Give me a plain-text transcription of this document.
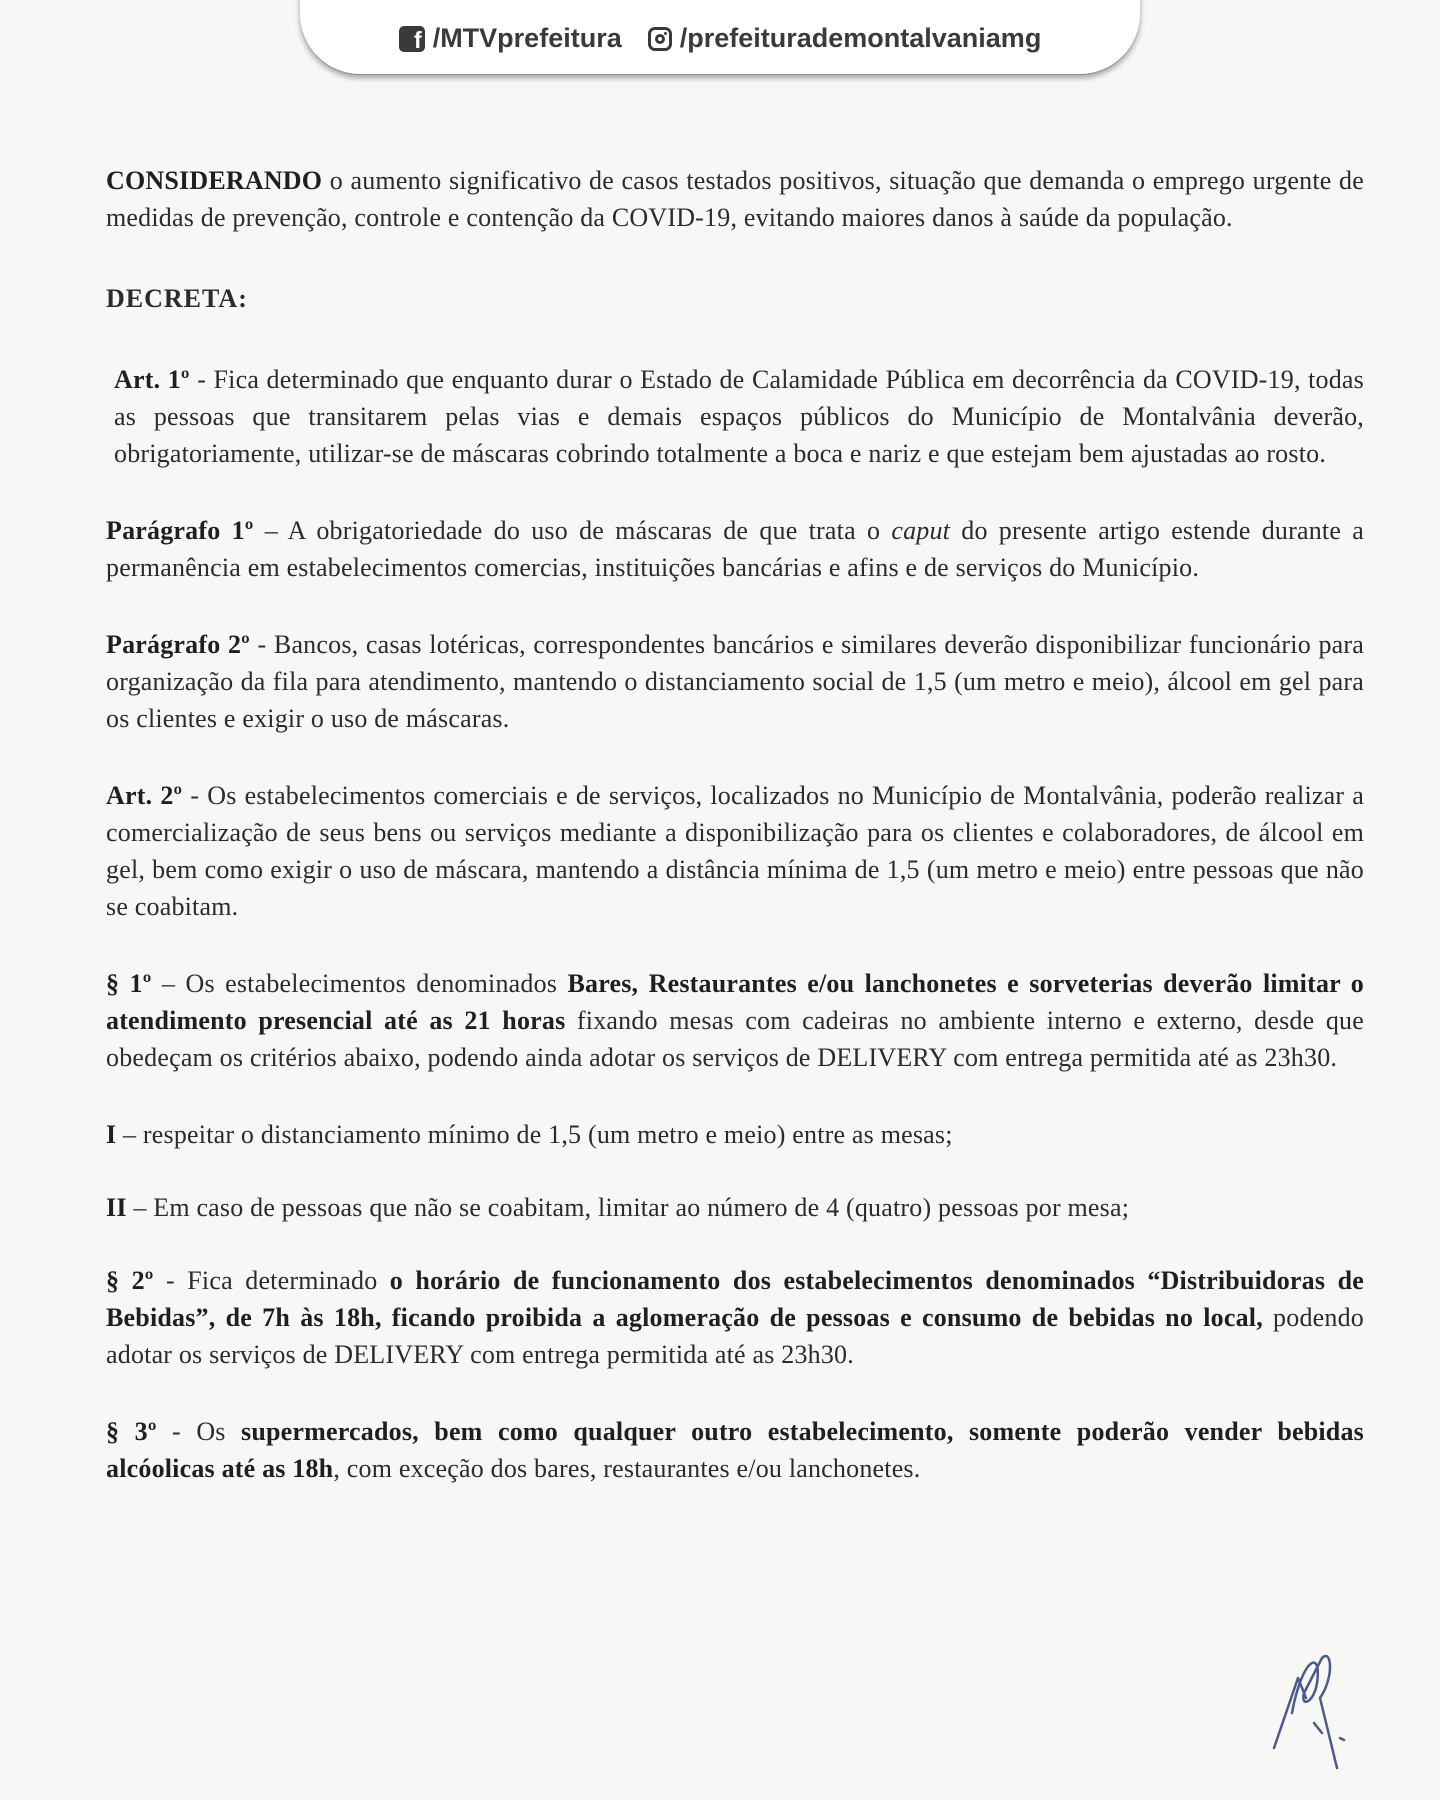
f /MTVprefeitura /prefeiturademontalvaniamg

CONSIDERANDO o aumento significativo de casos testados positivos, situação que demanda o emprego urgente de medidas de prevenção, controle e contenção da COVID-19, evitando maiores danos à saúde da população.

DECRETA:

Art. 1º - Fica determinado que enquanto durar o Estado de Calamidade Pública em decorrência da COVID-19, todas as pessoas que transitarem pelas vias e demais espaços públicos do Município de Montalvânia deverão, obrigatoriamente, utilizar-se de máscaras cobrindo totalmente a boca e nariz e que estejam bem ajustadas ao rosto.

Parágrafo 1º – A obrigatoriedade do uso de máscaras de que trata o caput do presente artigo estende durante a permanência em estabelecimentos comercias, instituições bancárias e afins e de serviços do Município.

Parágrafo 2º - Bancos, casas lotéricas, correspondentes bancários e similares deverão disponibilizar funcionário para organização da fila para atendimento, mantendo o distanciamento social de 1,5 (um metro e meio), álcool em gel para os clientes e exigir o uso de máscaras.

Art. 2º - Os estabelecimentos comerciais e de serviços, localizados no Município de Montalvânia, poderão realizar a comercialização de seus bens ou serviços mediante a disponibilização para os clientes e colaboradores, de álcool em gel, bem como exigir o uso de máscara, mantendo a distância mínima de 1,5 (um metro e meio) entre pessoas que não se coabitam.

§ 1º – Os estabelecimentos denominados Bares, Restaurantes e/ou lanchonetes e sorveterias deverão limitar o atendimento presencial até as 21 horas fixando mesas com cadeiras no ambiente interno e externo, desde que obedeçam os critérios abaixo, podendo ainda adotar os serviços de DELIVERY com entrega permitida até as 23h30.

I – respeitar o distanciamento mínimo de 1,5 (um metro e meio) entre as mesas;

II – Em caso de pessoas que não se coabitam, limitar ao número de 4 (quatro) pessoas por mesa;

§ 2º - Fica determinado o horário de funcionamento dos estabelecimentos denominados “Distribuidoras de Bebidas”, de 7h às 18h, ficando proibida a aglomeração de pessoas e consumo de bebidas no local, podendo adotar os serviços de DELIVERY com entrega permitida até as 23h30.

§ 3º - Os supermercados, bem como qualquer outro estabelecimento, somente poderão vender bebidas alcóolicas até as 18h, com exceção dos bares, restaurantes e/ou lanchonetes.
